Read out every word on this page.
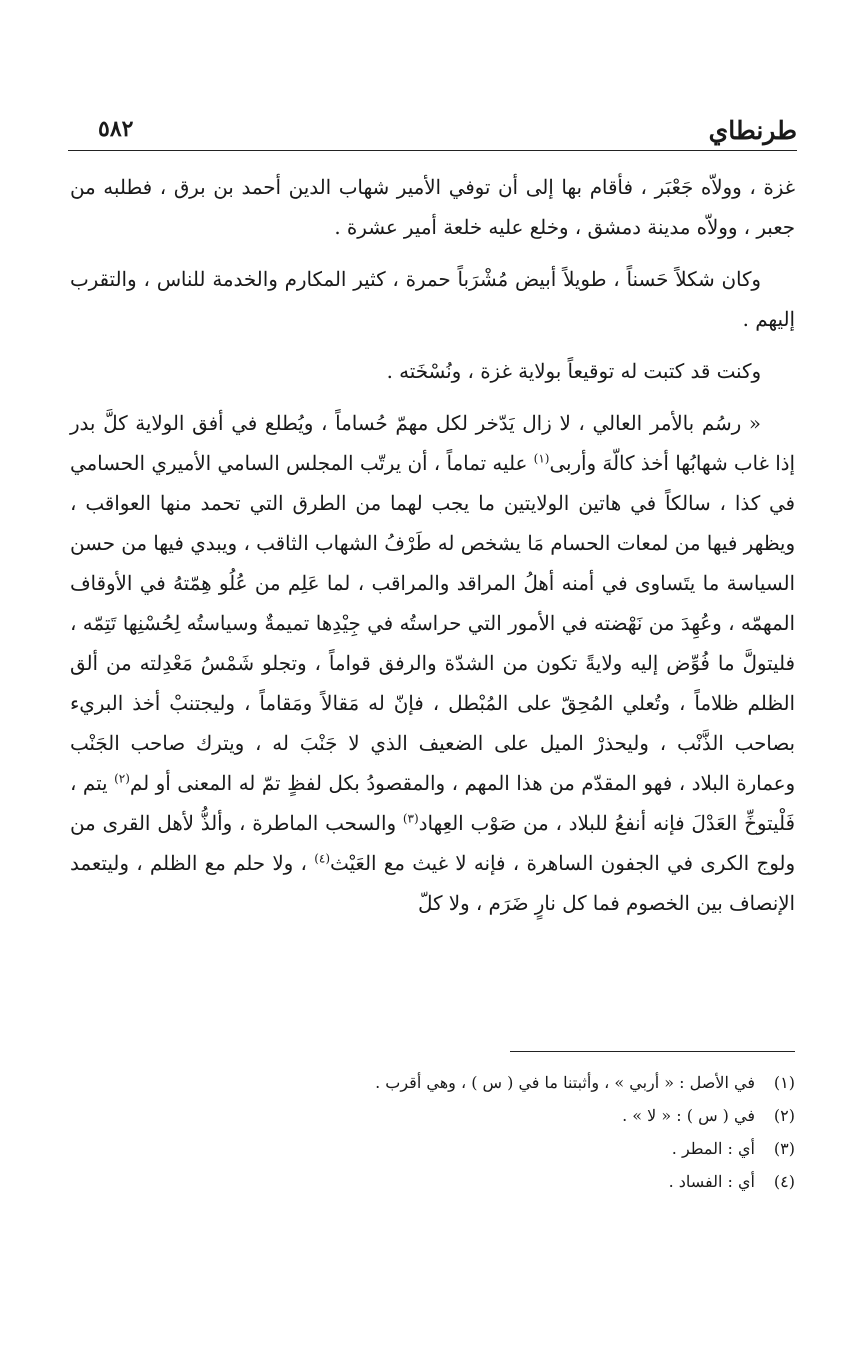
طرنطاي
٥٨٢

غزة ، وولاّه جَعْبَر ، فأقام بها إلى أن توفي الأمير شهاب الدين أحمد بن برق ، فطلبه من جعبر ، وولاّه مدينة دمشق ، وخلع عليه خلعة أمير عشرة .

وكان شكلاً حَسناً ، طويلاً أبيض مُشْرَباً حمرة ، كثير المكارم والخدمة للناس ، والتقرب إليهم .

وكنت قد كتبت له توقيعاً بولاية غزة ، ونُسْخَته .

« رسُم بالأمر العالي ، لا زال يَدّخر لكل مهمّ حُساماً ، ويُطلع في أفق الولاية كلَّ بدر إذا غاب شهابُها أخذ كالّهَ وأربى$^{(١)}$ عليه تماماً ، أن يرتّب المجلس السامي الأميري الحسامي في كذا ، سالكاً في هاتين الولايتين ما يجب لهما من الطرق التي تحمد منها العواقب ، ويظهر فيها من لمعات الحسام مَا يشخص له طَرْفُ الشهاب الثاقب ، ويبدي فيها من حسن السياسة ما يتَساوى في أمنه أهلُ المراقد والمراقب ، لما عَلِم من عُلُو هِمّتهُ في الأوقاف المهمّه ، وعُهِدَ من نَهْضته في الأمور التي حراستُه في جِيْدِها تميمةٌ وسياستُه لِحُسْنِها تَتِمّه ، فليتولَّ ما فُوِّض إليه ولايةً تكون من الشدّة والرفق قواماً ، وتجلو شَمْسُ مَعْدِلته من ألق الظلم ظلاماً ، وتُعلي المُحِقّ على المُبْطل ، فإنّ له مَقالاً ومَقاماً ، وليجتنبْ أخذ البريء بصاحب الذَّنْب ، وليحذرْ الميل على الضعيف الذي لا جَنْبَ له ، ويترك صاحب الجَنْب وعمارة البلاد ، فهو المقدّم من هذا المهم ، والمقصودُ بكل لفظٍ تمّ له المعنى أو لم$^{(٢)}$ يتم ، فَلْيتوخِّ العَدْلَ فإنه أنفعُ للبلاد ، من صَوْب العِهاد$^{(٣)}$ والسحب الماطرة ، وألذُّ لأهل القرى من ولوج الكرى في الجفون الساهرة ، فإنه لا غيث مع العَيْث$^{(٤)}$ ، ولا حلم مع الظلم ، وليتعمد الإنصاف بين الخصوم فما كل نارٍ ضَرَم ، ولا كلّ

(١)في الأصل : « أربي » ، وأثبتنا ما في ( س ) ، وهي أقرب .
(٢)في ( س ) : « لا » .
(٣)أي : المطر .
(٤)أي : الفساد .
